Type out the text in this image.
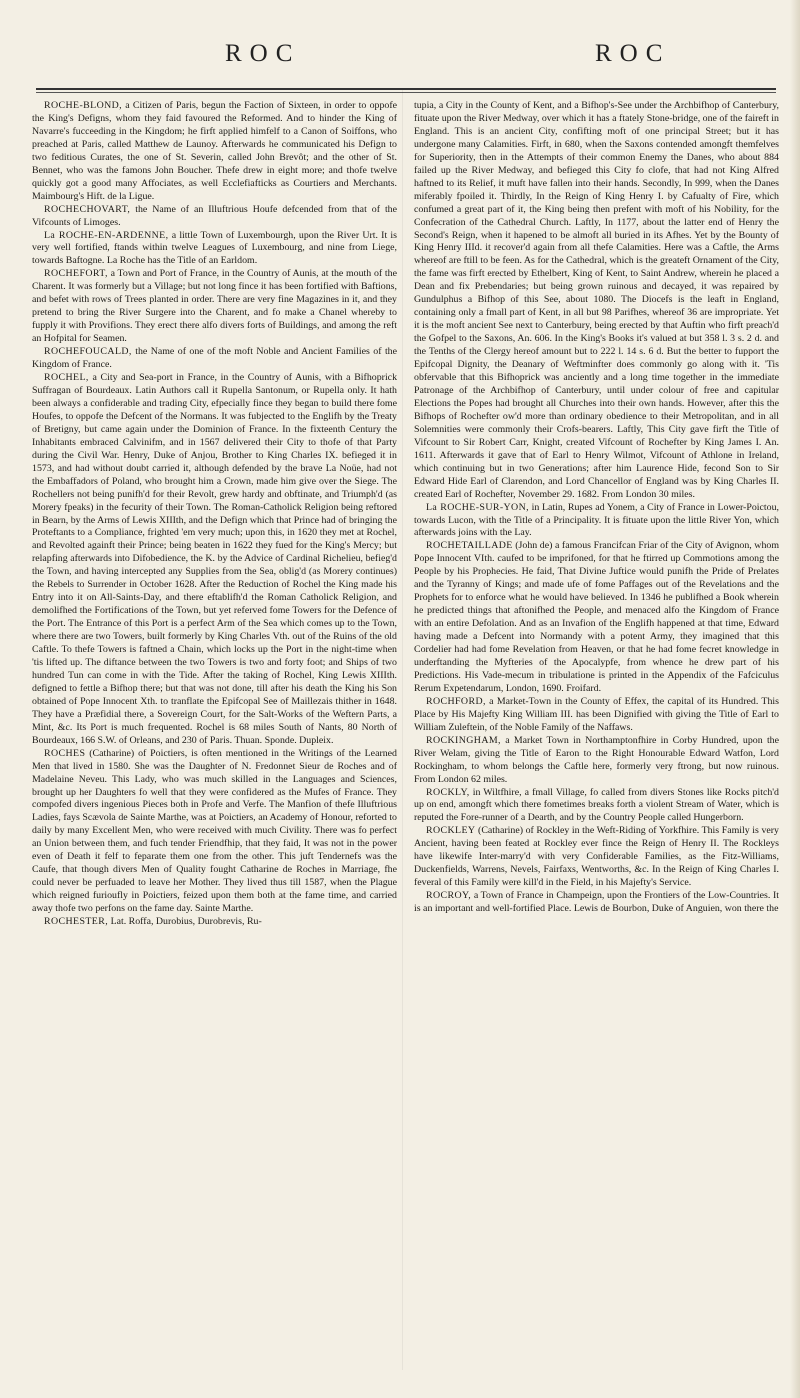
ROC	ROC

ROCHE-BLOND, a Citizen of Paris, begun the Faction of Sixteen, in order to oppofe the King's Defigns, whom they faid favoured the Reformed. And to hinder the King of Navarre's fucceeding in the Kingdom; he firft applied himfelf to a Canon of Soiffons, who preached at Paris, called Matthew de Launoy. Afterwards he communicated his Defign to two feditious Curates, the one of St. Severin, called John Brevôt; and the other of St. Bennet, who was the famons John Boucher. Thefe drew in eight more; and thofe twelve quickly got a good many Affociates, as well Ecclefiafticks as Courtiers and Merchants. Maimbourg's Hift. de la Ligue.

ROCHECHOVART, the Name of an Illuftrious Houfe defcended from that of the Vifcounts of Limoges.

La ROCHE-EN-ARDENNE, a little Town of Luxembourgh, upon the River Urt. It is very well fortified, ftands within twelve Leagues of Luxembourg, and nine from Liege, towards Baftogne. La Roche has the Title of an Earldom.

ROCHEFORT, a Town and Port of France, in the Country of Aunis, at the mouth of the Charent. It was formerly but a Village; but not long fince it has been fortified with Baftions, and befet with rows of Trees planted in order. There are very fine Magazines in it, and they pretend to bring the River Surgere into the Charent, and fo make a Chanel whereby to fupply it with Provifions. They erect there alfo divers forts of Buildings, and among the reft an Hofpital for Seamen.

ROCHEFOUCALD, the Name of one of the moft Noble and Ancient Families of the Kingdom of France.

ROCHEL, a City and Sea-port in France, in the Country of Aunis, with a Bifhoprick Suffragan of Bourdeaux. Latin Authors call it Rupella Santonum, or Rupella only. It hath been always a confiderable and trading City, efpecially fince they began to build there fome Houfes, to oppofe the Defcent of the Normans. It was fubjected to the Englifh by the Treaty of Bretigny, but came again under the Dominion of France. In the fixteenth Century the Inhabitants embraced Calvinifm, and in 1567 delivered their City to thofe of that Party during the Civil War. Henry, Duke of Anjou, Brother to King Charles IX. befieged it in 1573, and had without doubt carried it, although defended by the brave La Noüe, had not the Embaffadors of Poland, who brought him a Crown, made him give over the Siege. The Rochellers not being punifh'd for their Revolt, grew hardy and obftinate, and Triumph'd (as Morery fpeaks) in the fecurity of their Town. The Roman-Catholick Religion being reftored in Bearn, by the Arms of Lewis XIIIth, and the Defign which that Prince had of bringing the Proteftants to a Compliance, frighted 'em very much; upon this, in 1620 they met at Rochel, and Revolted againft their Prince; being beaten in 1622 they fued for the King's Mercy; but relapfing afterwards into Difobedience, the K. by the Advice of Cardinal Richelieu, befieg'd the Town, and having intercepted any Supplies from the Sea, oblig'd (as Morery continues) the Rebels to Surrender in October 1628. After the Reduction of Rochel the King made his Entry into it on All-Saints-Day, and there eftablifh'd the Roman Catholick Religion, and demolifhed the Fortifications of the Town, but yet referved fome Towers for the Defence of the Port. The Entrance of this Port is a perfect Arm of the Sea which comes up to the Town, where there are two Towers, built formerly by King Charles Vth. out of the Ruins of the old Caftle. To thefe Towers is faftned a Chain, which locks up the Port in the night-time when 'tis lifted up. The diftance between the two Towers is two and forty foot; and Ships of two hundred Tun can come in with the Tide. After the taking of Rochel, King Lewis XIIIth. defigned to fettle a Bifhop there; but that was not done, till after his death the King his Son obtained of Pope Innocent Xth. to tranflate the Epifcopal See of Maillezais thither in 1648. They have a Præfidial there, a Sovereign Court, for the Salt-Works of the Weftern Parts, a Mint, &c. Its Port is much frequented. Rochel is 68 miles South of Nants, 80 North of Bourdeaux, 166 S.W. of Orleans, and 230 of Paris. Thuan. Sponde. Dupleix.

ROCHES (Catharine) of Poictiers, is often mentioned in the Writings of the Learned Men that lived in 1580. She was the Daughter of N. Fredonnet Sieur de Roches and of Madelaine Neveu. This Lady, who was much skilled in the Languages and Sciences, brought up her Daughters fo well that they were confidered as the Mufes of France. They compofed divers ingenious Pieces both in Profe and Verfe. The Manfion of thefe Illuftrious Ladies, fays Scævola de Sainte Marthe, was at Poictiers, an Academy of Honour, reforted to daily by many Excellent Men, who were received with much Civility. There was fo perfect an Union between them, and fuch tender Friendfhip, that they faid, It was not in the power even of Death it felf to feparate them one from the other. This juft Tendernefs was the Caufe, that though divers Men of Quality fought Catharine de Roches in Marriage, fhe could never be perfuaded to leave her Mother. They lived thus till 1587, when the Plague which reigned furioufly in Poictiers, feized upon them both at the fame time, and carried away thofe two perfons on the fame day. Sainte Marthe.

ROCHESTER, Lat. Roffa, Durobius, Durobrevis, Ru-

tupia, a City in the County of Kent, and a Bifhop's-See under the Archbifhop of Canterbury, fituate upon the River Medway, over which it has a ftately Stone-bridge, one of the faireft in England. This is an ancient City, confifting moft of one principal Street; but it has undergone many Calamities. Firft, in 680, when the Saxons contended amongft themfelves for Superiority, then in the Attempts of their common Enemy the Danes, who about 884 failed up the River Medway, and befieged this City fo clofe, that had not King Alfred haftned to its Relief, it muft have fallen into their hands. Secondly, In 999, when the Danes miferably fpoiled it. Thirdly, In the Reign of King Henry I. by Cafualty of Fire, which confumed a great part of it, the King being then prefent with moft of his Nobility, for the Confecration of the Cathedral Church. Laftly, In 1177, about the latter end of Henry the Second's Reign, when it hapened to be almoft all buried in its Afhes. Yet by the Bounty of King Henry IIId. it recover'd again from all thefe Calamities. Here was a Caftle, the Arms whereof are ftill to be feen. As for the Cathedral, which is the greateft Ornament of the City, the fame was firft erected by Ethelbert, King of Kent, to Saint Andrew, wherein he placed a Dean and fix Prebendaries; but being grown ruinous and decayed, it was repaired by Gundulphus a Bifhop of this See, about 1080. The Diocefs is the leaft in England, containing only a fmall part of Kent, in all but 98 Parifhes, whereof 36 are impropriate. Yet it is the moft ancient See next to Canterbury, being erected by that Auftin who firft preach'd the Gofpel to the Saxons, An. 606. In the King's Books it's valued at but 358 l. 3 s. 2 d. and the Tenths of the Clergy hereof amount but to 222 l. 14 s. 6 d. But the better to fupport the Epifcopal Dignity, the Deanary of Weftminfter does commonly go along with it. 'Tis obfervable that this Bifhoprick was anciently and a long time together in the immediate Patronage of the Archbifhop of Canterbury, until under colour of free and capitular Elections the Popes had brought all Churches into their own hands. However, after this the Bifhops of Rochefter ow'd more than ordinary obedience to their Metropolitan, and in all Solemnities were commonly their Crofs-bearers. Laftly, This City gave firft the Title of Vifcount to Sir Robert Carr, Knight, created Vifcount of Rochefter by King James I. An. 1611. Afterwards it gave that of Earl to Henry Wilmot, Vifcount of Athlone in Ireland, which continuing but in two Generations; after him Laurence Hide, fecond Son to Sir Edward Hide Earl of Clarendon, and Lord Chancellor of England was by King Charles II. created Earl of Rochefter, November 29. 1682. From London 30 miles.

La ROCHE-SUR-YON, in Latin, Rupes ad Yonem, a City of France in Lower-Poictou, towards Lucon, with the Title of a Principality. It is fituate upon the little River Yon, which afterwards joins with the Lay.

ROCHETAILLADE (John de) a famous Francifcan Friar of the City of Avignon, whom Pope Innocent VIth. caufed to be imprifoned, for that he ftirred up Commotions among the People by his Prophecies. He faid, That Divine Juftice would punifh the Pride of Prelates and the Tyranny of Kings; and made ufe of fome Paffages out of the Revelations and the Prophets for to enforce what he would have believed. In 1346 he publifhed a Book wherein he predicted things that aftonifhed the People, and menaced alfo the Kingdom of France with an entire Defolation. And as an Invafion of the Englifh happened at that time, Edward having made a Defcent into Normandy with a potent Army, they imagined that this Cordelier had had fome Revelation from Heaven, or that he had fome fecret knowledge in underftanding the Myfteries of the Apocalypfe, from whence he drew part of his Predictions. His Vade-mecum in tribulatione is printed in the Appendix of the Fafciculus Rerum Expetendarum, London, 1690. Froifard.

ROCHFORD, a Market-Town in the County of Effex, the capital of its Hundred. This Place by His Majefty King William III. has been Dignified with giving the Title of Earl to William Zuleftein, of the Noble Family of the Naffaws.

ROCKINGHAM, a Market Town in Northamptonfhire in Corby Hundred, upon the River Welam, giving the Title of Earon to the Right Honourable Edward Watfon, Lord Rockingham, to whom belongs the Caftle here, formerly very ftrong, but now ruinous. From London 62 miles.

ROCKLY, in Wiltfhire, a fmall Village, fo called from divers Stones like Rocks pitch'd up on end, amongft which there fometimes breaks forth a violent Stream of Water, which is reputed the Fore-runner of a Dearth, and by the Country People called Hungerborn.

ROCKLEY (Catharine) of Rockley in the Weft-Riding of Yorkfhire. This Family is very Ancient, having been feated at Rockley ever fince the Reign of Henry II. The Rockleys have likewife Inter-marry'd with very Confiderable Families, as the Fitz-Williams, Duckenfields, Warrens, Nevels, Fairfaxs, Wentworths, &c. In the Reign of King Charles I. feveral of this Family were kill'd in the Field, in his Majefty's Service.

ROCROY, a Town of France in Champeign, upon the Frontiers of the Low-Countries. It is an important and well-fortified Place. Lewis de Bourbon, Duke of Anguien, won there the
